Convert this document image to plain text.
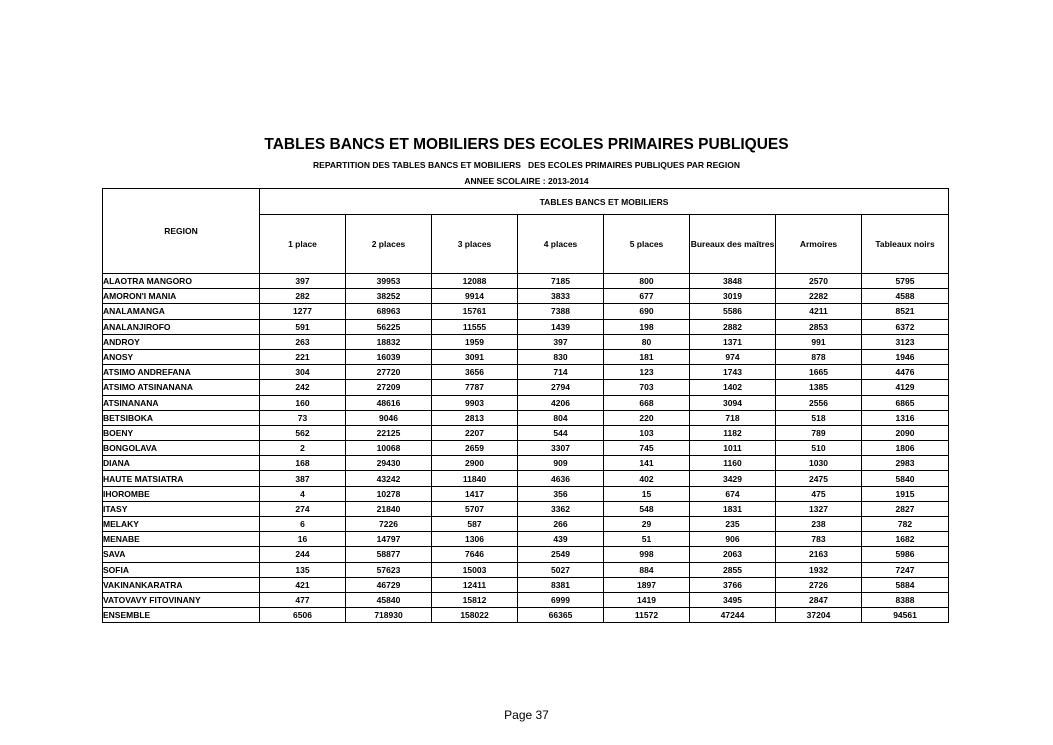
TABLES BANCS ET MOBILIERS DES ECOLES PRIMAIRES PUBLIQUES
REPARTITION DES TABLES BANCS ET MOBILIERS   DES ECOLES PRIMAIRES PUBLIQUES PAR REGION
ANNEE SCOLAIRE : 2013-2014
REGION	TABLES BANCS ET MOBILIERS							
	1 place	2 places	3 places	4 places	5 places	Bureaux des maîtres	Armoires	Tableaux noirs
ALAOTRA MANGORO	397	39953	12088	7185	800	3848	2570	5795
AMORON'I MANIA	282	38252	9914	3833	677	3019	2282	4588
ANALAMANGA	1277	68963	15761	7388	690	5586	4211	8521
ANALANJIROFO	591	56225	11555	1439	198	2882	2853	6372
ANDROY	263	18832	1959	397	80	1371	991	3123
ANOSY	221	16039	3091	830	181	974	878	1946
ATSIMO ANDREFANA	304	27720	3656	714	123	1743	1665	4476
ATSIMO ATSINANANA	242	27209	7787	2794	703	1402	1385	4129
ATSINANANA	160	48616	9903	4206	668	3094	2556	6865
BETSIBOKA	73	9046	2813	804	220	718	518	1316
BOENY	562	22125	2207	544	103	1182	789	2090
BONGOLAVA	2	10068	2659	3307	745	1011	510	1806
DIANA	168	29430	2900	909	141	1160	1030	2983
HAUTE MATSIATRA	387	43242	11840	4636	402	3429	2475	5840
IHOROMBE	4	10278	1417	356	15	674	475	1915
ITASY	274	21840	5707	3362	548	1831	1327	2827
MELAKY	6	7226	587	266	29	235	238	782
MENABE	16	14797	1306	439	51	906	783	1682
SAVA	244	58877	7646	2549	998	2063	2163	5986
SOFIA	135	57623	15003	5027	884	2855	1932	7247
VAKINANKARATRA	421	46729	12411	8381	1897	3766	2726	5884
VATOVAVY FITOVINANY	477	45840	15812	6999	1419	3495	2847	8388
ENSEMBLE	6506	718930	158022	66365	11572	47244	37204	94561
Page 37
